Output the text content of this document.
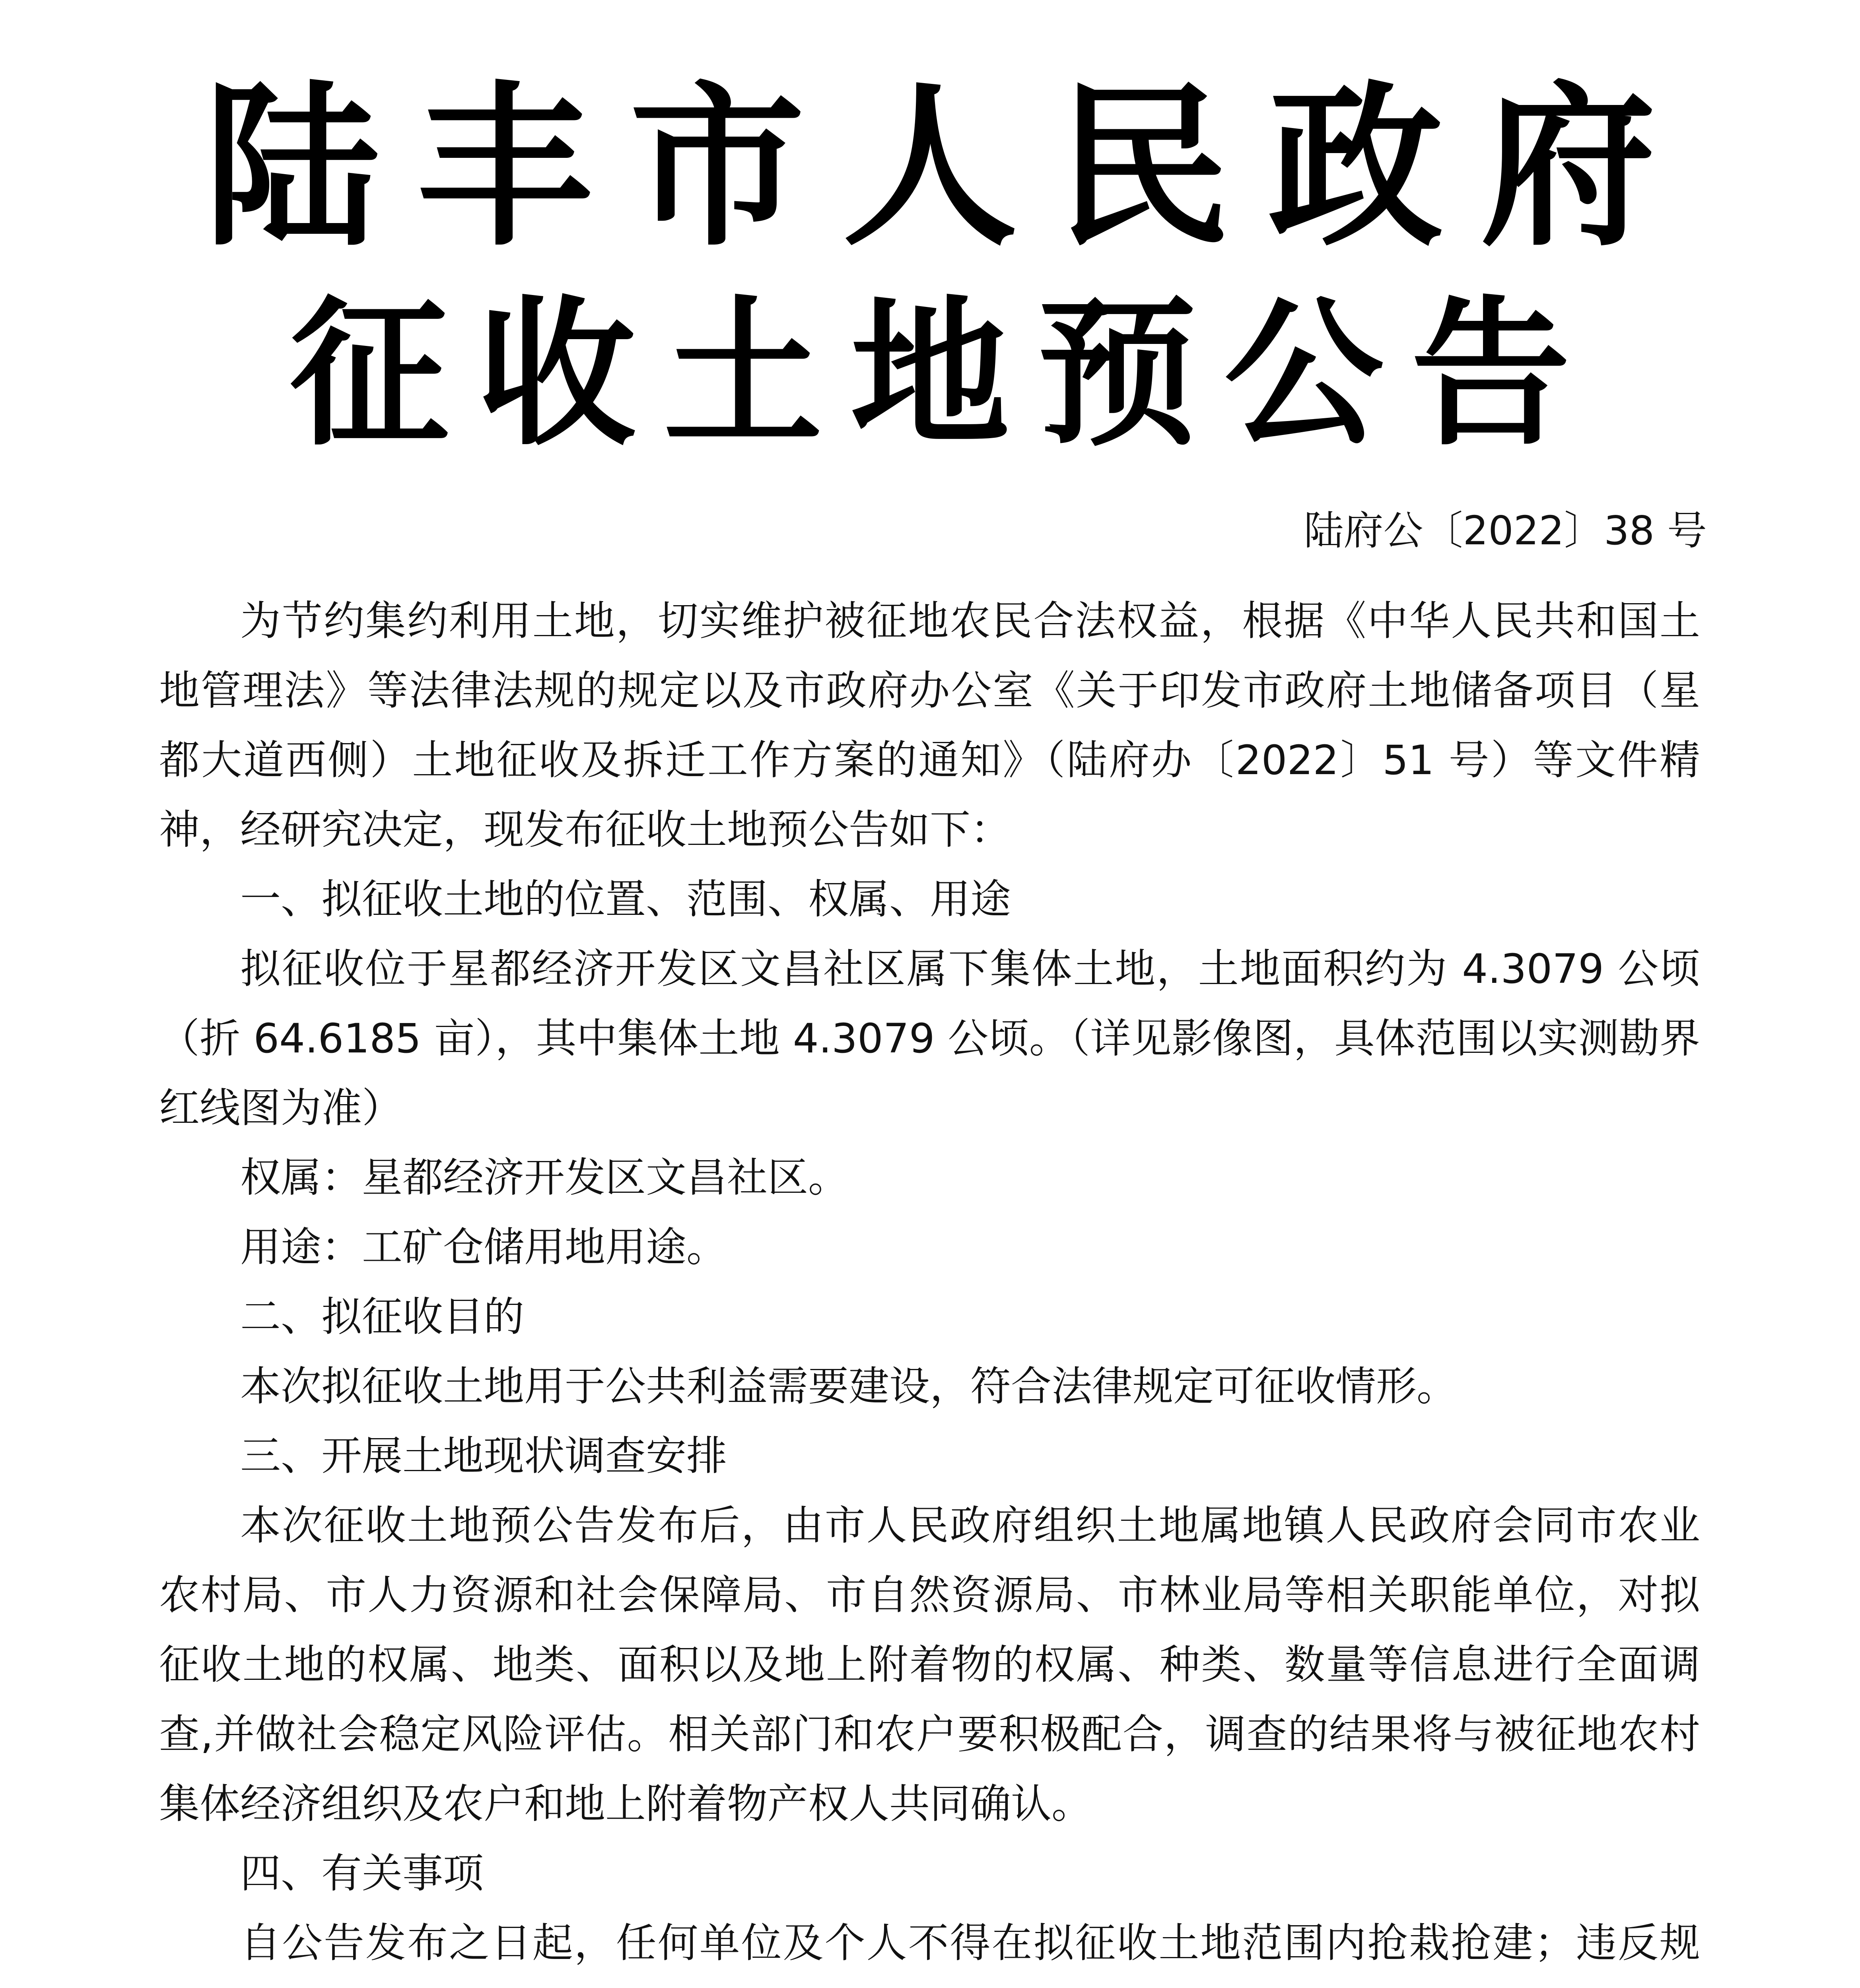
陆丰市人民政府
征收土地预公告
陆府公〔2022〕38 号

为节约集约利用土地，切实维护被征地农民合法权益，根据《中华人民共和国土地管理法》等法律法规的规定以及市政府办公室《关于印发市政府土地储备项目（星都大道西侧）土地征收及拆迁工作方案的通知》（陆府办〔2022〕51 号）等文件精神，经研究决定，现发布征收土地预公告如下：

一、拟征收土地的位置、范围、权属、用途

拟征收位于星都经济开发区文昌社区属下集体土地，土地面积约为 4.3079 公顷（折 64.6185 亩），其中集体土地 4.3079 公顷。（详见影像图，具体范围以实测勘界红线图为准）

权属：星都经济开发区文昌社区。

用途：工矿仓储用地用途。

二、拟征收目的

本次拟征收土地用于公共利益需要建设，符合法律规定可征收情形。

三、开展土地现状调查安排

本次征收土地预公告发布后，由市人民政府组织土地属地镇人民政府会同市农业农村局、市人力资源和社会保障局、市自然资源局、市林业局等相关职能单位，对拟征收土地的权属、地类、面积以及地上附着物的权属、种类、数量等信息进行全面调查,并做社会稳定风险评估。相关部门和农户要积极配合，调查的结果将与被征地农村集体经济组织及农户和地上附着物产权人共同确认。

四、有关事项

自公告发布之日起，任何单位及个人不得在拟征收土地范围内抢栽抢建；违反规
